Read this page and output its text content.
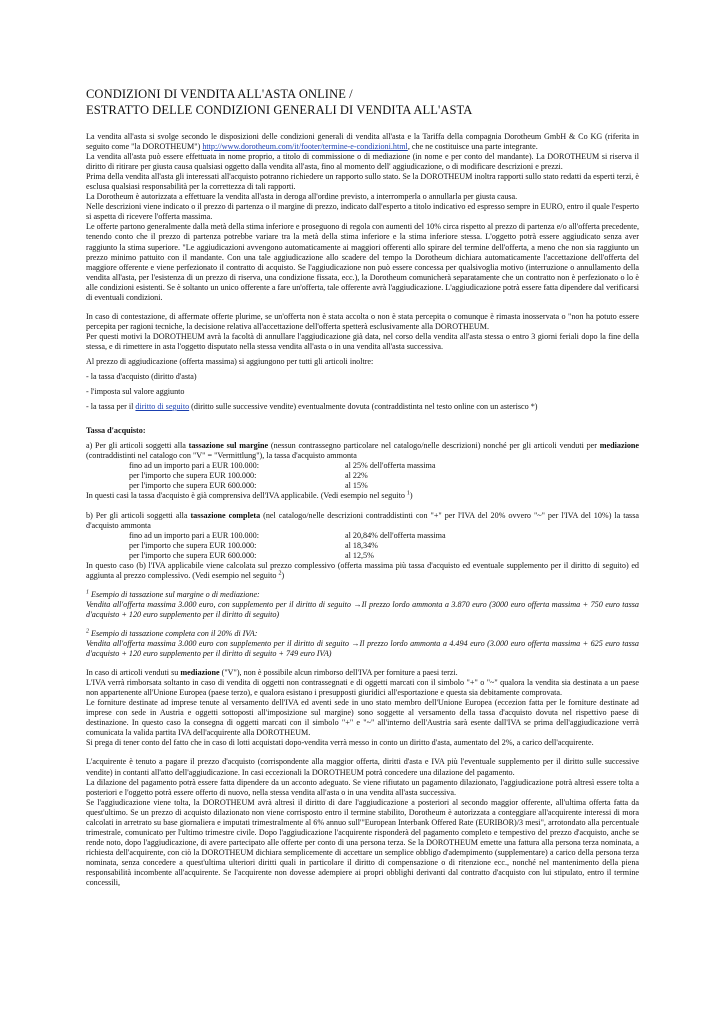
CONDIZIONI DI VENDITA ALL'ASTA ONLINE /
ESTRATTO DELLE CONDIZIONI GENERALI DI VENDITA ALL'ASTA

La vendita all'asta si svolge secondo le disposizioni delle condizioni generali di vendita all'asta e la Tariffa della compagnia Dorotheum GmbH & Co KG (riferita in seguito come "la DOROTHEUM") http://www.dorotheum.com/it/footer/termine-e-condizioni.html, che ne costituisce una parte integrante.

La vendita all'asta può essere effettuata in nome proprio, a titolo di commissione o di mediazione (in nome e per conto del mandante). La DOROTHEUM si riserva il diritto di ritirare per giusta causa qualsiasi oggetto dalla vendita all'asta, fino al momento dell' aggiudicazione, o di modificare descrizioni e prezzi.

Prima della vendita all'asta gli interessati all'acquisto potranno richiedere un rapporto sullo stato. Se la DOROTHEUM inoltra rapporti sullo stato redatti da esperti terzi, è esclusa qualsiasi responsabilità per la correttezza di tali rapporti.

La Dorotheum è autorizzata a effettuare la vendita all'asta in deroga all'ordine previsto, a interromperla o annullarla per giusta causa.

Nelle descrizioni viene indicato o il prezzo di partenza o il margine di prezzo, indicato dall'esperto a titolo indicativo ed espresso sempre in EURO, entro il quale l'esperto si aspetta di ricevere l'offerta massima.

Le offerte partono generalmente dalla metà della stima inferiore e proseguono di regola con aumenti del 10% circa rispetto al prezzo di partenza e/o all'offerta precedente, tenendo conto che il prezzo di partenza potrebbe variare tra la metà della stima inferiore e la stima inferiore stessa. L'oggetto potrà essere aggiudicato senza aver raggiunto la stima superiore. "Le aggiudicazioni avvengono automaticamente ai maggiori offerenti allo spirare del termine dell'offerta, a meno che non sia raggiunto un prezzo minimo pattuito con il mandante. Con una tale aggiudicazione allo scadere del tempo la Dorotheum dichiara automaticamente l'accettazione dell'offerta del maggiore offerente e viene perfezionato il contratto di acquisto. Se l'aggiudicazione non può essere concessa per qualsivoglia motivo (interruzione o annullamento della vendita all'asta, per l'esistenza di un prezzo di riserva, una condizione fissata, ecc.), la Dorotheum comunicherà separatamente che un contratto non è perfezionato o lo è alle condizioni esistenti. Se è soltanto un unico offerente a fare un'offerta, tale offerente avrà l'aggiudicazione. L'aggiudicazione potrà essere fatta dipendere dal verificarsi di eventuali condizioni.

In caso di contestazione, di affermate offerte plurime, se un'offerta non è stata accolta o non è stata percepita o comunque è rimasta inosservata o "non ha potuto essere percepita per ragioni tecniche, la decisione relativa all'accettazione dell'offerta spetterà esclusivamente alla DOROTHEUM.

Per questi motivi la DOROTHEUM avrà la facoltà di annullare l'aggiudicazione già data, nel corso della vendita all'asta stessa o entro 3 giorni feriali dopo la fine della stessa, e di rimettere in asta l'oggetto disputato nella stessa vendita all'asta o in una vendita all'asta successiva.

Al prezzo di aggiudicazione (offerta massima) si aggiungono per tutti gli articoli inoltre:

- la tassa d'acquisto (diritto d'asta)

- l'imposta sul valore aggiunto

- la tassa per il diritto di seguito (diritto sulle successive vendite) eventualmente dovuta (contraddistinta nel testo online con un asterisco *)

Tassa d'acquisto:

a) Per gli articoli soggetti alla tassazione sul margine (nessun contrassegno particolare nel catalogo/nelle descrizioni) nonché per gli articoli venduti per mediazione (contraddistinti nel catalogo con "V" = "Vermittlung"), la tassa d'acquisto ammonta

fino ad un importo pari a EUR 100.000:	al 25% dell'offerta massima
per l'importo che supera EUR 100.000:	al 22%
per l'importo che supera EUR 600.000:	al 15%

In questi casi la tassa d'acquisto è già comprensiva dell'IVA applicabile. (Vedi esempio nel seguito $^1$)

b) Per gli articoli soggetti alla tassazione completa (nel catalogo/nelle descrizioni contraddistinti con "+" per l'IVA del 20% ovvero "~" per l'IVA del 10%) la tassa d'acquisto ammonta

fino ad un importo pari a EUR 100.000:	al 20,84% dell'offerta massima
per l'importo che supera EUR 100.000:	al 18,34%
per l'importo che supera EUR 600.000:	al 12,5%

In questo caso (b) l'IVA applicabile viene calcolata sul prezzo complessivo (offerta massima più tassa d'acquisto ed eventuale supplemento per il diritto di seguito) ed aggiunta al prezzo complessivo. (Vedi esempio nel seguito $^2$)

$^1$ Esempio di tassazione sul margine o di mediazione:

Vendita all'offerta massima 3.000 euro, con supplemento per il diritto di seguito →Il prezzo lordo ammonta a 3.870 euro (3000 euro offerta massima + 750 euro tassa d'acquisto + 120 euro supplemento per il diritto di seguito)

$^2$ Esempio di tassazione completa con il 20% di IVA:

Vendita all'offerta massima 3.000 euro con supplemento per il diritto di seguito →Il prezzo lordo ammonta a 4.494 euro (3.000 euro offerta massima + 625 euro tassa d'acquisto + 120 euro supplemento per il diritto di seguito + 749 euro IVA)

In caso di articoli venduti su mediazione ("V"), non è possibile alcun rimborso dell'IVA per forniture a paesi terzi.

L'IVA verrà rimborsata soltanto in caso di vendita di oggetti non contrassegnati e di oggetti marcati con il simbolo "+" o "~" qualora la vendita sia destinata a un paese non appartenente all'Unione Europea (paese terzo), e qualora esistano i presupposti giuridici all'esportazione e questa sia debitamente comprovata.

Le forniture destinate ad imprese tenute al versamento dell'IVA ed aventi sede in uno stato membro dell'Unione Europea (eccezion fatta per le forniture destinate ad imprese con sede in Austria e oggetti sottoposti all'imposizione sul margine) sono soggette al versamento della tassa d'acquisto dovuta nel rispettivo paese di destinazione. In questo caso la consegna di oggetti marcati con il simbolo "+" e "~" all'interno dell'Austria sarà esente dall'IVA se prima dell'aggiudicazione verrà comunicata la valida partita IVA dell'acquirente alla DOROTHEUM.

Si prega di tener conto del fatto che in caso di lotti acquistati dopo-vendita verrà messo in conto un diritto d'asta, aumentato del 2%, a carico dell'acquirente.

L'acquirente è tenuto a pagare il prezzo d'acquisto (corrispondente alla maggior offerta, diritti d'asta e IVA più l'eventuale supplemento per il diritto sulle successive vendite) in contanti all'atto dell'aggiudicazione. In casi eccezionali la DOROTHEUM potrà concedere una dilazione del pagamento.

La dilazione del pagamento potrà essere fatta dipendere da un acconto adeguato. Se viene rifiutato un pagamento dilazionato, l'aggiudicazione potrà altresì essere tolta a posteriori e l'oggetto potrà essere offerto di nuovo, nella stessa vendita all'asta o in una vendita all'asta successiva.

Se l'aggiudicazione viene tolta, la DOROTHEUM avrà altresì il diritto di dare l'aggiudicazione a posteriori al secondo maggior offerente, all'ultima offerta fatta da quest'ultimo. Se un prezzo di acquisto dilazionato non viene corrisposto entro il termine stabilito, Dorotheum è autorizzata a conteggiare all'acquirente interessi di mora calcolati in arretrato su base giornaliera e imputati trimestralmente al 6% annuo sull'"European Interbank Offered Rate (EURIBOR)/3 mesi", arrotondato alla percentuale trimestrale, comunicato per l'ultimo trimestre civile. Dopo l'aggiudicazione l'acquirente risponderà del pagamento completo e tempestivo del prezzo d'acquisto, anche se rende noto, dopo l'aggiudicazione, di avere partecipato alle offerte per conto di una persona terza. Se la DOROTHEUM emette una fattura alla persona terza nominata, a richiesta dell'acquirente, con ciò la DOROTHEUM dichiara semplicemente di accettare un semplice obbligo d'adempimento (supplementare) a carico della persona terza nominata, senza concedere a quest'ultima ulteriori diritti quali in particolare il diritto di compensazione o di ritenzione ecc., nonché nel mantenimento della piena responsabilità incombente all'acquirente. Se l'acquirente non dovesse adempiere ai propri obblighi derivanti dal contratto d'acquisto con lui stipulato, entro il termine concessili,
